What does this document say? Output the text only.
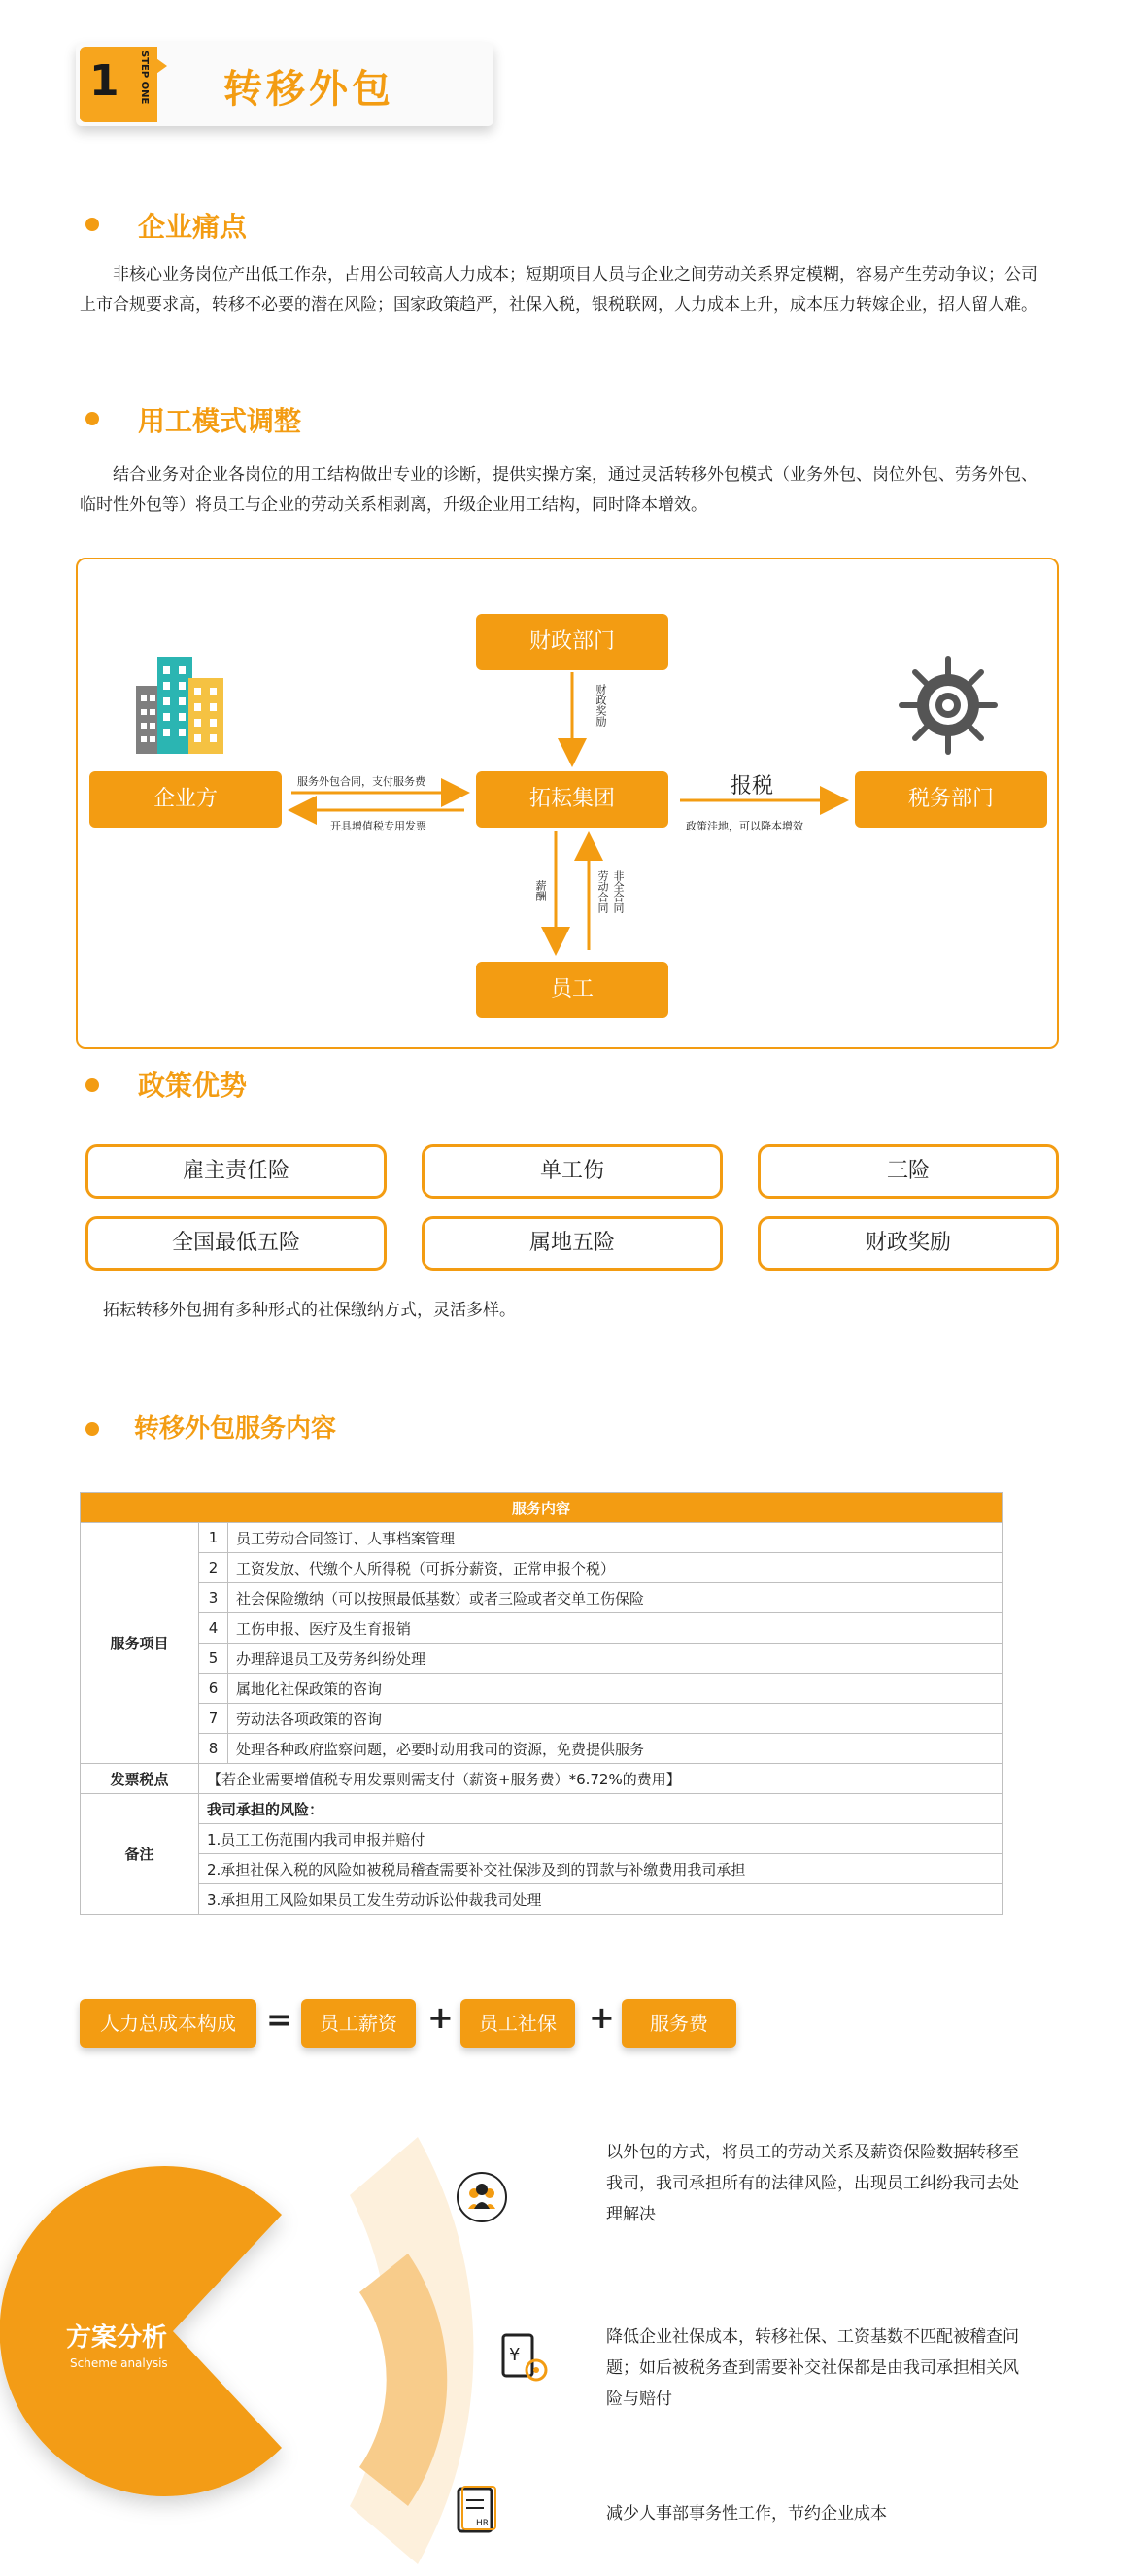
1	STEP ONE 转移外包
企业痛点
非核心业务岗位产出低工作杂，占用公司较高人力成本；短期项目人员与企业之间劳动关系界定模糊，容易产生劳动争议；公司上市合规要求高，转移不必要的潜在风险；国家政策趋严，社保入税，银税联网，人力成本上升，成本压力转嫁企业，招人留人难。
用工模式调整
结合业务对企业各岗位的用工结构做出专业的诊断，提供实操方案，通过灵活转移外包模式（业务外包、岗位外包、劳务外包、临时性外包等）将员工与企业的劳动关系相剥离，升级企业用工结构，同时降本增效。
财政部门
企业方	拓耘集团	税务部门
员工
财政奖励
服务外包合同，支付服务费
开具增值税专用发票
报税
政策洼地，可以降本增效
薪酬	非全合同
劳动合同
政策优势
雇主责任险	单工伤	三险
全国最低五险	属地五险	财政奖励
拓耘转移外包拥有多种形式的社保缴纳方式，灵活多样。
转移外包服务内容
服务内容		
服务项目	1	员工劳动合同签订、人事档案管理
	2	工资发放、代缴个人所得税（可拆分薪资，正常申报个税）
	3	社会保险缴纳（可以按照最低基数）或者三险或者交单工伤保险
	4	工伤申报、医疗及生育报销
	5	办理辞退员工及劳务纠纷处理
	6	属地化社保政策的咨询
	7	劳动法各项政策的咨询
	8	处理各种政府监察问题，必要时动用我司的资源，免费提供服务
发票税点	【若企业需要增值税专用发票则需支付（薪资+服务费）*6.72%的费用】	
备注	我司承担的风险：	
	1.员工工伤范围内我司申报并赔付	
	2.承担社保入税的风险如被税局稽查需要补交社保涉及到的罚款与补缴费用我司承担	
	3.承担用工风险如果员工发生劳动诉讼仲裁我司处理	
人力总成本构成 =	员工薪资 +	员工社保	+	服务费
¥
HR
方案分析
Scheme analysis
以外包的方式，将员工的劳动关系及薪资保险数据转移至我司，我司承担所有的法律风险，出现员工纠纷我司去处理解决
降低企业社保成本，转移社保、工资基数不匹配被稽查问题；如后被税务查到需要补交社保都是由我司承担相关风险与赔付
减少人事部事务性工作，节约企业成本
